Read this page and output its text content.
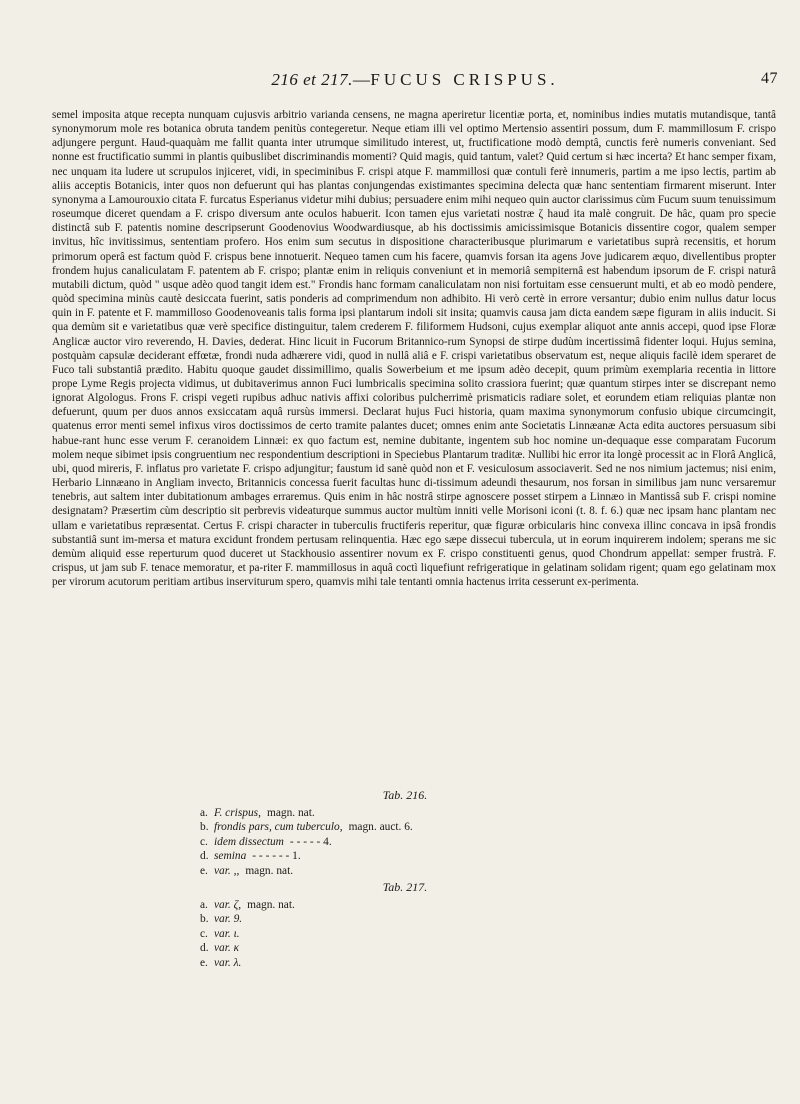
216 et 217.—FUCUS CRISPUS.	47

semel imposita atque recepta nunquam cujusvis arbitrio varianda censens, ne magna aperiretur licentiæ porta, et, nominibus indies mutatis mutandisque, tantâ synonymorum mole res botanica obruta tandem penitùs contegeretur. Neque etiam illi vel optimo Mertensio assentiri possum, dum F. mammillosum F. crispo adjungere pergunt. Haud-quaquàm me fallit quanta inter utrumque similitudo interest, ut, fructificatione modò demptâ, cunctis ferè numeris conveniant. Sed nonne est fructificatio summi in plantis quibuslibet discriminandis momenti? Quid magis, quid tantum, valet? Quid certum si hæc incerta? Et hanc semper fixam, nec unquam ita ludere ut scrupulos injiceret, vidi, in speciminibus F. crispi atque F. mammillosi quæ contuli ferè innumeris, partim a me ipso lectis, partim ab aliis acceptis Botanicis, inter quos non defuerunt qui has plantas conjungendas existimantes specimina delecta quæ hanc sententiam firmarent miserunt. Inter synonyma a Lamourouxio citata F. furcatus Esperianus videtur mihi dubius; persuadere enim mihi nequeo quin auctor clarissimus cùm Fucum suum tenuissimum roseumque diceret quendam a F. crispo diversum ante oculos habuerit. Icon tamen ejus varietati nostræ ζ haud ita malè congruit. De hâc, quam pro specie distinctâ sub F. patentis nomine descripserunt Goodenovius Woodwardiusque, ab his doctissimis amicissimisque Botanicis dissentire cogor, qualem semper invitus, hîc invitissimus, sententiam profero. Hos enim sum secutus in dispositione characteribusque plurimarum e varietatibus suprà recensitis, et horum primorum operâ est factum quòd F. crispus bene innotuerit. Nequeo tamen cum his facere, quamvis forsan ita agens Jove judicarem æquo, divellentibus propter frondem hujus canaliculatam F. patentem ab F. crispo; plantæ enim in reliquis conveniunt et in memoriâ sempiternâ est habendum ipsorum de F. crispi naturâ mutabili dictum, quòd " usque adèo quod tangit idem est." Frondis hanc formam canaliculatam non nisi fortuitam esse censuerunt multi, et ab eo modò pendere, quòd specimina minùs cautè desiccata fuerint, satis ponderis ad comprimendum non adhibito. Hi verò certè in errore versantur; dubio enim nullus datur locus quin in F. patente et F. mammilloso Goodenoveanis talis forma ipsi plantarum indoli sit insita; quamvis causa jam dicta eandem sæpe figuram in aliis inducit. Si qua demùm sit e varietatibus quæ verè specifice distinguitur, talem crederem F. filiformem Hudsoni, cujus exemplar aliquot ante annis accepi, quod ipse Floræ Anglicæ auctor viro reverendo, H. Davies, dederat. Hinc licuit in Fucorum Britannico-rum Synopsi de stirpe dudùm incertissimâ fidenter loqui. Hujus semina, postquàm capsulæ deciderant effœtæ, frondi nuda adhærere vidi, quod in nullâ aliâ e F. crispi varietatibus observatum est, neque aliquis facilè idem speraret de Fuco tali substantiâ prædito. Habitu quoque gaudet dissimillimo, qualis Sowerbeium et me ipsum adèo decepit, quum primùm exemplaria recentia in littore prope Lyme Regis projecta vidimus, ut dubitaverimus annon Fuci lumbricalis specimina solito crassiora fuerint; quæ quantum stirpes inter se discrepant nemo ignorat Algologus. Frons F. crispi vegeti rupibus adhuc nativis affixi coloribus pulcherrimè prismaticis radiare solet, et eorundem etiam reliquias plantæ non defuerunt, quum per duos annos exsiccatam aquâ rursùs immersi. Declarat hujus Fuci historia, quam maxima synonymorum confusio ubique circumcingit, quatenus error menti semel infixus viros doctissimos de certo tramite palantes ducet; omnes enim ante Societatis Linnæanæ Acta edita auctores persuasum sibi habue-rant hunc esse verum F. ceranoidem Linnæi: ex quo factum est, nemine dubitante, ingentem sub hoc nomine un-dequaque esse comparatam Fucorum molem neque sibimet ipsis congruentium nec respondentium descriptioni in Speciebus Plantarum traditæ. Nullibi hic error ita longè processit ac in Florâ Anglicâ, ubi, quod mireris, F. inflatus pro varietate F. crispo adjungitur; faustum id sanè quòd non et F. vesiculosum associaverit. Sed ne nos nimium jactemus; nisi enim, Herbario Linnæano in Angliam invecto, Britannicis concessa fuerit facultas hunc di-tissimum adeundi thesaurum, nos forsan in similibus jam nunc versaremur tenebris, aut saltem inter dubitationum ambages erraremus. Quis enim in hâc nostrâ stirpe agnoscere posset stirpem a Linnæo in Mantissâ sub F. crispi nomine designatam? Præsertim cùm descriptio sit perbrevis videaturque summus auctor multùm inniti velle Morisoni iconi (t. 8. f. 6.) quæ nec ipsam hanc plantam nec ullam e varietatibus repræsentat. Certus F. crispi character in tuberculis fructiferis reperitur, quæ figuræ orbicularis hinc convexa illinc concava in ipsâ frondis substantiâ sunt im-mersa et matura excidunt frondem pertusam relinquentia. Hæc ego sæpe dissecui tubercula, ut in eorum inquirerem indolem; sperans me sic demùm aliquid esse reperturum quod duceret ut Stackhousio assentirer novum ex F. crispo constituenti genus, quod Chondrum appellat: semper frustrà. F. crispus, ut jam sub F. tenace memoratur, et pa-riter F. mammillosus in aquâ coctì liquefiunt refrigeratique in gelatinam solidam rigent; quam ego gelatinam mox per virorum acutorum peritiam artibus inserviturum spero, quamvis mihi tale tentanti omnia hactenus irrita cesserunt ex-perimenta.

Tab. 216.
a. F. crispus, magn. nat.
b. frondis pars, cum tuberculo, magn. auct. 6.
c. idem dissectum - - - - - 4.
d. semina - - - - - - 1.
e. var. ,, magn. nat.
Tab. 217.
a. var. ζ, magn. nat.
b. var. 9.
c. var. ι.
d. var. κ
e. var. λ.
